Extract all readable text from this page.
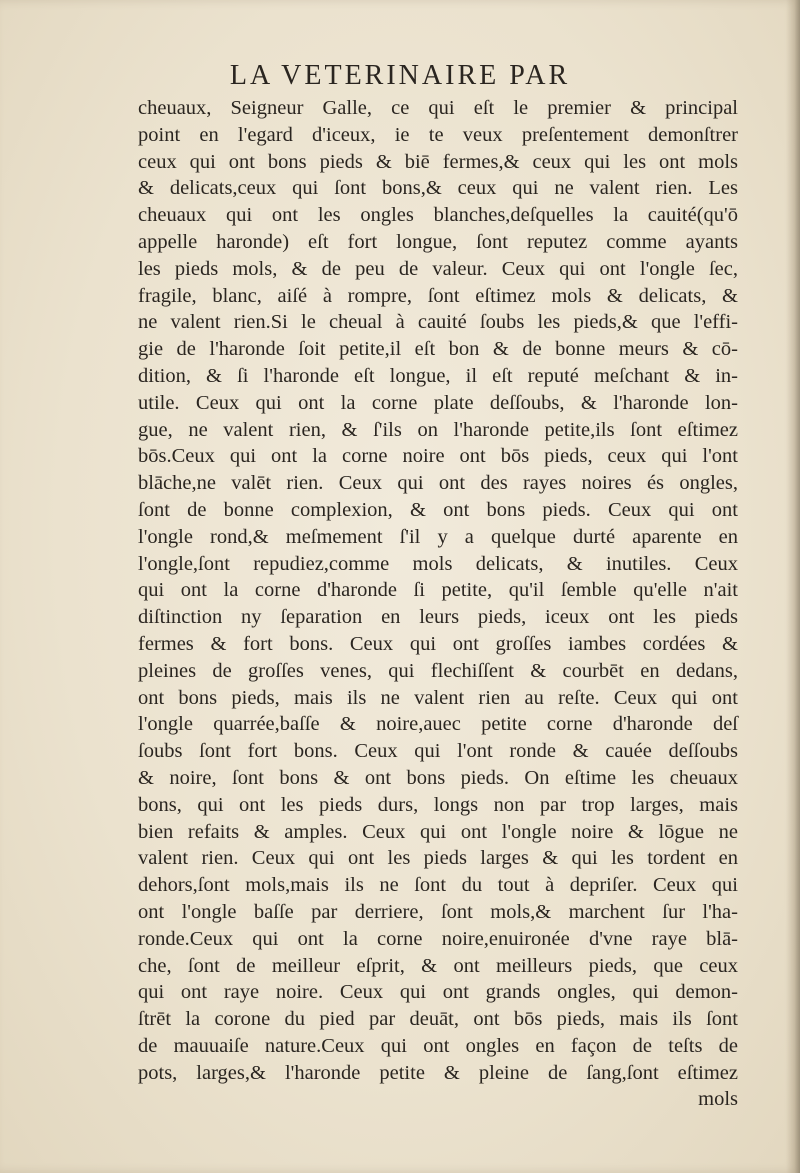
LA VETERINAIRE PAR
cheuaux, Seigneur Galle, ce qui eſt le premier & principal
point en l'egard d'iceux, ie te veux preſentement demonſtrer
ceux qui ont bons pieds & biē fermes,& ceux qui les ont mols
& delicats,ceux qui ſont bons,& ceux qui ne valent rien. Les
cheuaux qui ont les ongles blanches,deſquelles la cauité(qu'ō
appelle haronde) eſt fort longue, ſont reputez comme ayants
les pieds mols, & de peu de valeur. Ceux qui ont l'ongle ſec,
fragile, blanc, aiſé à rompre, ſont eſtimez mols & delicats, &
ne valent rien.Si le cheual à cauité ſoubs les pieds,& que l'effi-
gie de l'haronde ſoit petite,il eſt bon & de bonne meurs & cō-
dition, & ſi l'haronde eſt longue, il eſt reputé meſchant & in-
utile. Ceux qui ont la corne plate deſſoubs, & l'haronde lon-
gue, ne valent rien, & ſ'ils on l'haronde petite,ils ſont eſtimez
bōs.Ceux qui ont la corne noire ont bōs pieds, ceux qui l'ont
blāche,ne valēt rien. Ceux qui ont des rayes noires és ongles,
ſont de bonne complexion, & ont bons pieds. Ceux qui ont
l'ongle rond,& meſmement ſ'il y a quelque durté aparente en
l'ongle,ſont repudiez,comme mols delicats, & inutiles. Ceux
qui ont la corne d'haronde ſi petite, qu'il ſemble qu'elle n'ait
diſtinction ny ſeparation en leurs pieds, iceux ont les pieds
fermes & fort bons. Ceux qui ont groſſes iambes cordées &
pleines de groſſes venes, qui flechiſſent & courbēt en dedans,
ont bons pieds, mais ils ne valent rien au reſte. Ceux qui ont
l'ongle quarrée,baſſe & noire,auec petite corne d'haronde deſ
ſoubs ſont fort bons. Ceux qui l'ont ronde & cauée deſſoubs
& noire, ſont bons & ont bons pieds. On eſtime les cheuaux
bons, qui ont les pieds durs, longs non par trop larges, mais
bien refaits & amples. Ceux qui ont l'ongle noire & lōgue ne
valent rien. Ceux qui ont les pieds larges & qui les tordent en
dehors,ſont mols,mais ils ne ſont du tout à depriſer. Ceux qui
ont l'ongle baſſe par derriere, ſont mols,& marchent ſur l'ha-
ronde.Ceux qui ont la corne noire,enuironée d'vne raye blā-
che, ſont de meilleur eſprit, & ont meilleurs pieds, que ceux
qui ont raye noire. Ceux qui ont grands ongles, qui demon-
ſtrēt la corone du pied par deuāt, ont bōs pieds, mais ils ſont
de mauuaiſe nature.Ceux qui ont ongles en façon de teſts de
pots, larges,& l'haronde petite & pleine de ſang,ſont eſtimez
mols
